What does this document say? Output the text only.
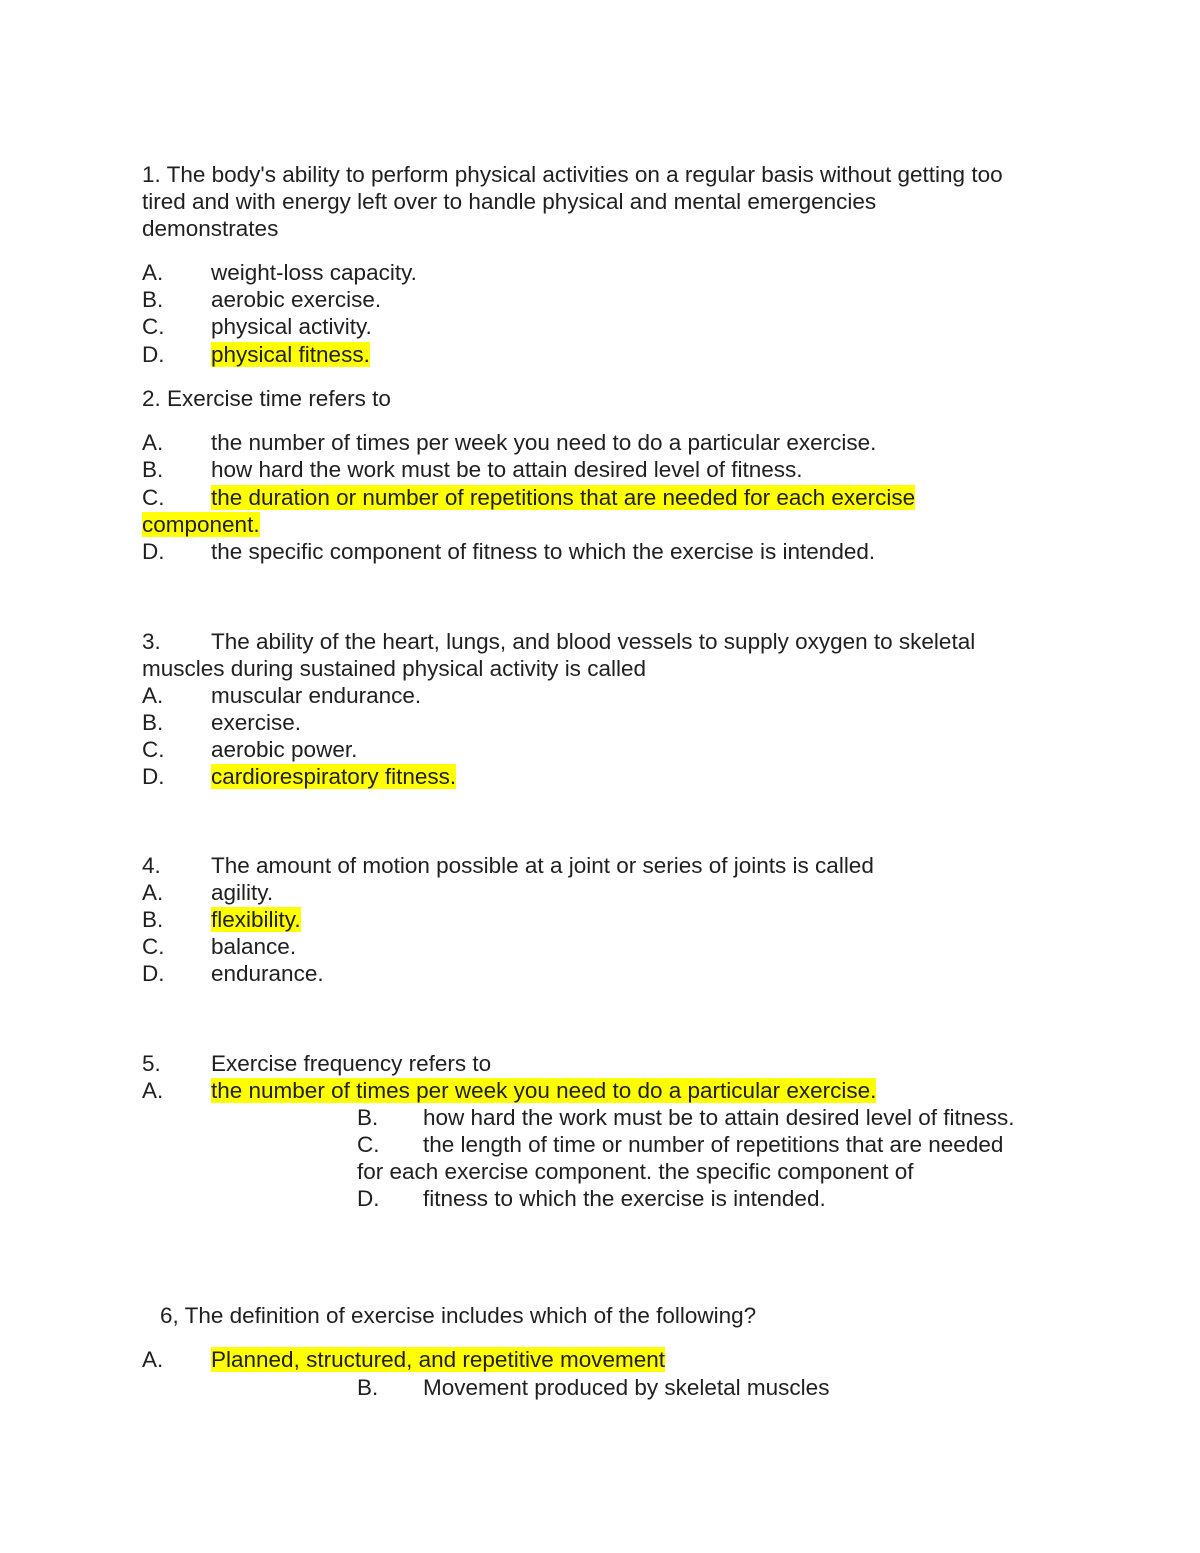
1. The body's ability to perform physical activities on a regular basis without getting too
tired and with energy left over to handle physical and mental emergencies
demonstrates
A. weight-loss capacity.
B. aerobic exercise.
C. physical activity.
D. physical fitness.
2. Exercise time refers to
A. the number of times per week you need to do a particular exercise.
B. how hard the work must be to attain desired level of fitness.
C. the duration or number of repetitions that are needed for each exercise
component.
D. the specific component of fitness to which the exercise is intended.
3. The ability of the heart, lungs, and blood vessels to supply oxygen to skeletal
muscles during sustained physical activity is called
A. muscular endurance.
B. exercise.
C. aerobic power.
D. cardiorespiratory fitness.
4. The amount of motion possible at a joint or series of joints is called
A. agility.
B. flexibility.
C. balance.
D. endurance.
5. Exercise frequency refers to
A. the number of times per week you need to do a particular exercise.
B. how hard the work must be to attain desired level of fitness.
C. the length of time or number of repetitions that are needed
for each exercise component. the specific component of
D. fitness to which the exercise is intended.
6, The definition of exercise includes which of the following?
A. Planned, structured, and repetitive movement
B. Movement produced by skeletal muscles
